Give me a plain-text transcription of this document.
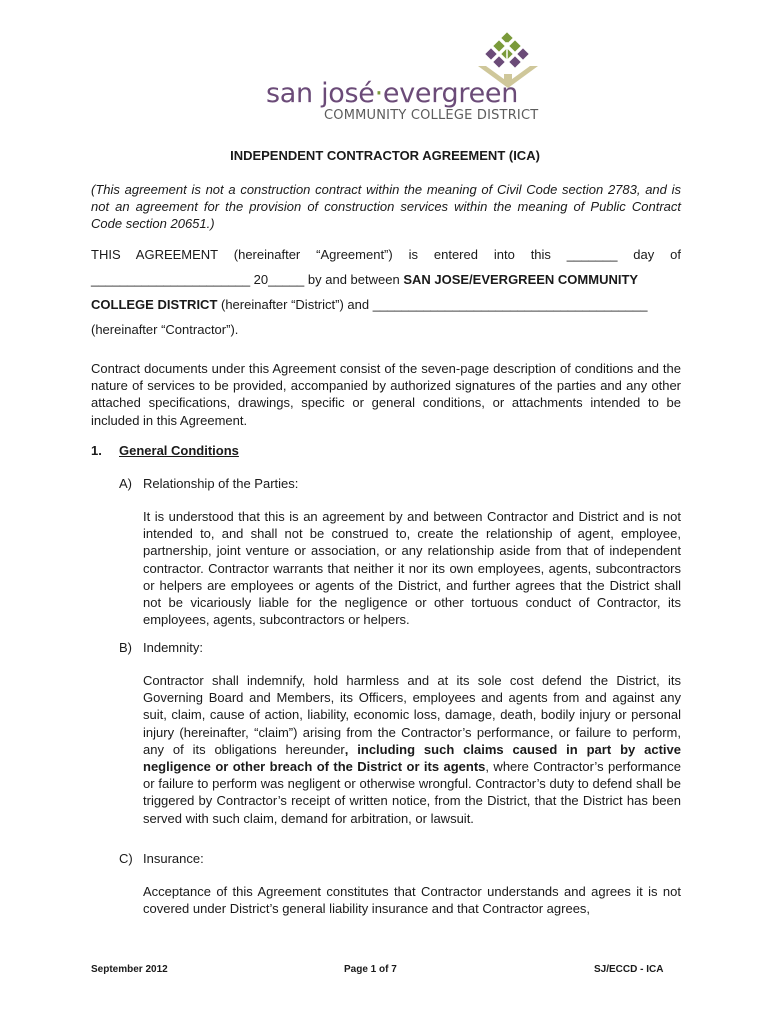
san josé·evergreen
COMMUNITY COLLEGE DISTRICT
INDEPENDENT CONTRACTOR AGREEMENT (ICA)
(This agreement is not a construction contract within the meaning of Civil Code section 2783, and is not an agreement for the provision of construction services within the meaning of Public Contract Code section 20651.)
THIS AGREEMENT (hereinafter “Agreement”) is entered into this _______ day of
______________________ 20_____ by and between SAN JOSE/EVERGREEN COMMUNITY
COLLEGE DISTRICT (hereinafter “District”) and ______________________________________
(hereinafter “Contractor”).
Contract documents under this Agreement consist of the seven-page description of conditions and the nature of services to be provided, accompanied by authorized signatures of the parties and any other attached specifications, drawings, specific or general conditions, or attachments intended to be included in this Agreement.
1. General Conditions
A) Relationship of the Parties:
It is understood that this is an agreement by and between Contractor and District and is not intended to, and shall not be construed to, create the relationship of agent, employee, partnership, joint venture or association, or any relationship aside from that of independent contractor. Contractor warrants that neither it nor its own employees, agents, subcontractors or helpers are employees or agents of the District, and further agrees that the District shall not be vicariously liable for the negligence or other tortuous conduct of Contractor, its employees, agents, subcontractors or helpers.
B) Indemnity:
Contractor shall indemnify, hold harmless and at its sole cost defend the District, its Governing Board and Members, its Officers, employees and agents from and against any suit, claim, cause of action, liability, economic loss, damage, death, bodily injury or personal injury (hereinafter, “claim”) arising from the Contractor’s performance, or failure to perform, any of its obligations hereunder, including such claims caused in part by active negligence or other breach of the District or its agents, where Contractor’s performance or failure to perform was negligent or otherwise wrongful. Contractor’s duty to defend shall be triggered by Contractor’s receipt of written notice, from the District, that the District has been served with such claim, demand for arbitration, or lawsuit.
C) Insurance:
Acceptance of this Agreement constitutes that Contractor understands and agrees it is not covered under District’s general liability insurance and that Contractor agrees,
September 2012	Page 1 of 7	SJ/ECCD - ICA
